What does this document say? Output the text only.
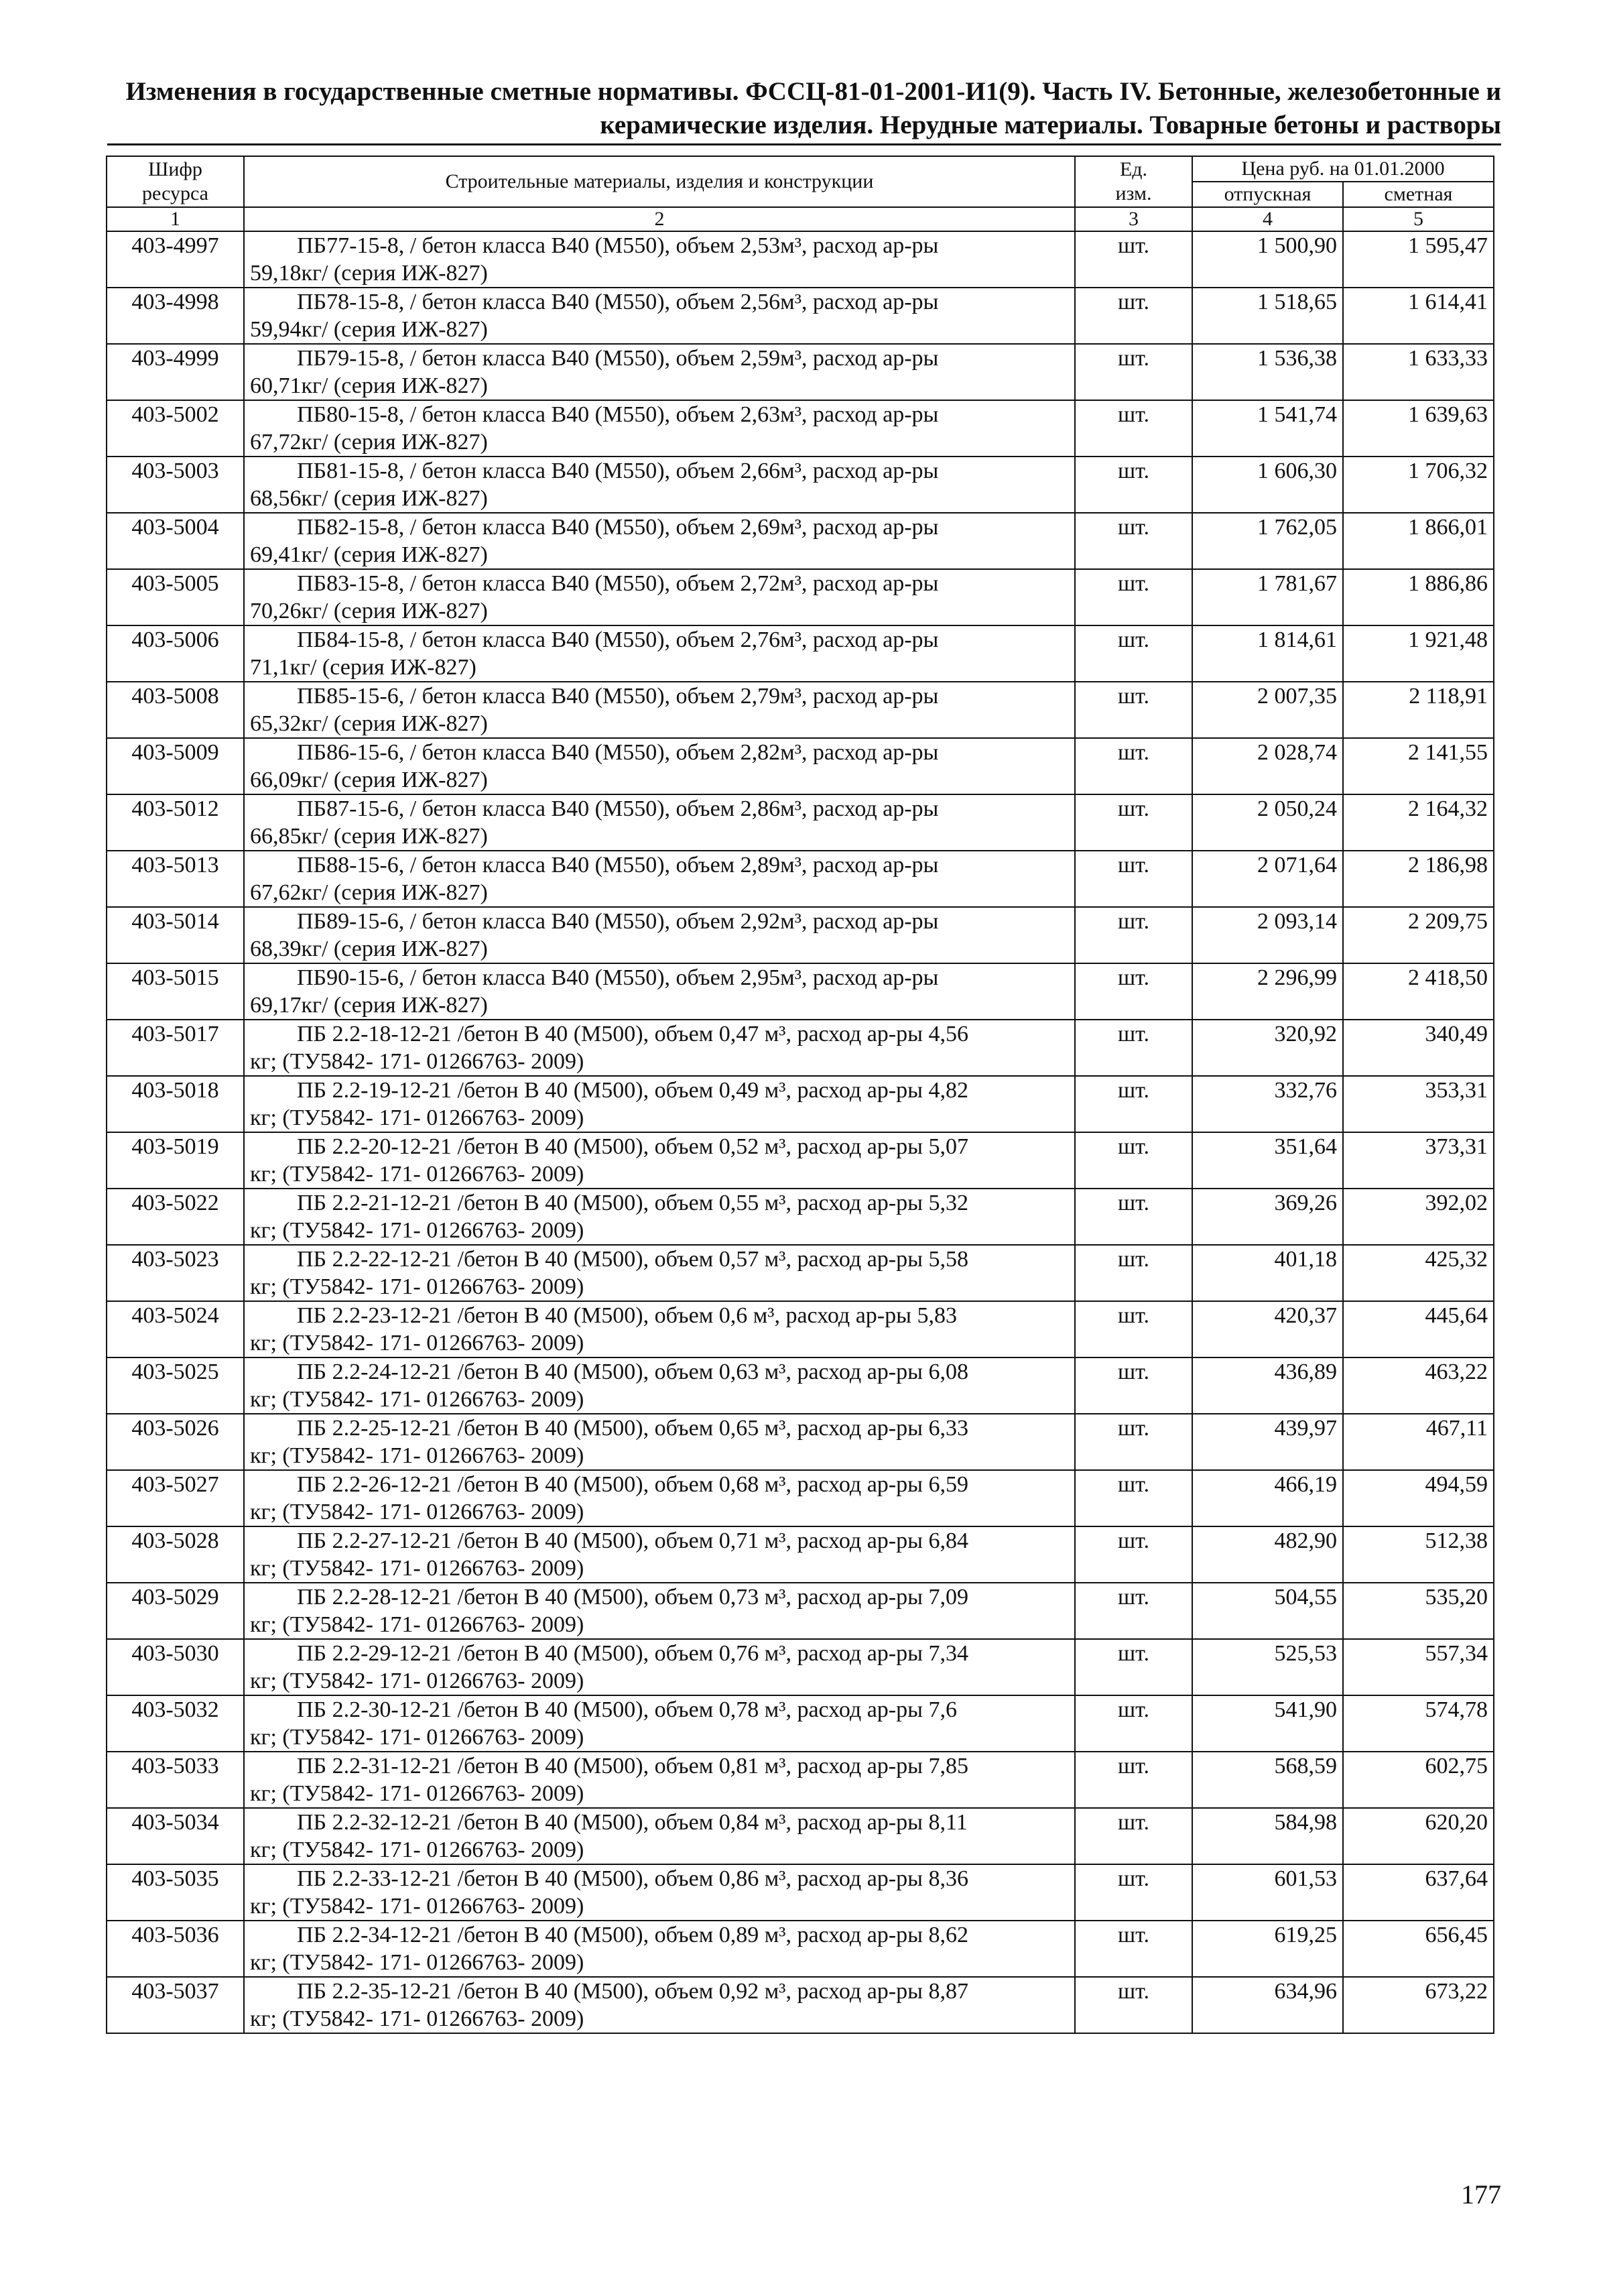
Изменения в государственные сметные нормативы. ФССЦ-81-01-2001-И1(9). Часть IV. Бетонные, железобетонные и
керамические изделия. Нерудные материалы. Товарные бетоны и растворы
Шифр
ресурса	Строительные материалы, изделия и конструкции	Ед.
изм.	Цена руб. на 01.01.2000	
			отпускная	сметная
1	2	3	4	5
403-4997	ПБ77-15-8, / бетон класса В40 (М550), объем 2,53м³, расход ар-ры
59,18кг/ (серия ИЖ-827)	шт.	1 500,90	1 595,47
403-4998	ПБ78-15-8, / бетон класса В40 (М550), объем 2,56м³, расход ар-ры
59,94кг/ (серия ИЖ-827)	шт.	1 518,65	1 614,41
403-4999	ПБ79-15-8, / бетон класса В40 (М550), объем 2,59м³, расход ар-ры
60,71кг/ (серия ИЖ-827)	шт.	1 536,38	1 633,33
403-5002	ПБ80-15-8, / бетон класса В40 (М550), объем 2,63м³, расход ар-ры
67,72кг/ (серия ИЖ-827)	шт.	1 541,74	1 639,63
403-5003	ПБ81-15-8, / бетон класса В40 (М550), объем 2,66м³, расход ар-ры
68,56кг/ (серия ИЖ-827)	шт.	1 606,30	1 706,32
403-5004	ПБ82-15-8, / бетон класса В40 (М550), объем 2,69м³, расход ар-ры
69,41кг/ (серия ИЖ-827)	шт.	1 762,05	1 866,01
403-5005	ПБ83-15-8, / бетон класса В40 (М550), объем 2,72м³, расход ар-ры
70,26кг/ (серия ИЖ-827)	шт.	1 781,67	1 886,86
403-5006	ПБ84-15-8, / бетон класса В40 (М550), объем 2,76м³, расход ар-ры
71,1кг/ (серия ИЖ-827)	шт.	1 814,61	1 921,48
403-5008	ПБ85-15-6, / бетон класса В40 (М550), объем 2,79м³, расход ар-ры
65,32кг/ (серия ИЖ-827)	шт.	2 007,35	2 118,91
403-5009	ПБ86-15-6, / бетон класса В40 (М550), объем 2,82м³, расход ар-ры
66,09кг/ (серия ИЖ-827)	шт.	2 028,74	2 141,55
403-5012	ПБ87-15-6, / бетон класса В40 (М550), объем 2,86м³, расход ар-ры
66,85кг/ (серия ИЖ-827)	шт.	2 050,24	2 164,32
403-5013	ПБ88-15-6, / бетон класса В40 (М550), объем 2,89м³, расход ар-ры
67,62кг/ (серия ИЖ-827)	шт.	2 071,64	2 186,98
403-5014	ПБ89-15-6, / бетон класса В40 (М550), объем 2,92м³, расход ар-ры
68,39кг/ (серия ИЖ-827)	шт.	2 093,14	2 209,75
403-5015	ПБ90-15-6, / бетон класса В40 (М550), объем 2,95м³, расход ар-ры
69,17кг/ (серия ИЖ-827)	шт.	2 296,99	2 418,50
403-5017	ПБ 2.2-18-12-21 /бетон В 40 (М500), объем 0,47 м³, расход ар-ры 4,56
кг; (ТУ5842- 171- 01266763- 2009)	шт.	320,92	340,49
403-5018	ПБ 2.2-19-12-21 /бетон В 40 (М500), объем 0,49 м³, расход ар-ры 4,82
кг; (ТУ5842- 171- 01266763- 2009)	шт.	332,76	353,31
403-5019	ПБ 2.2-20-12-21 /бетон В 40 (М500), объем 0,52 м³, расход ар-ры 5,07
кг; (ТУ5842- 171- 01266763- 2009)	шт.	351,64	373,31
403-5022	ПБ 2.2-21-12-21 /бетон В 40 (М500), объем 0,55 м³, расход ар-ры 5,32
кг; (ТУ5842- 171- 01266763- 2009)	шт.	369,26	392,02
403-5023	ПБ 2.2-22-12-21 /бетон В 40 (М500), объем 0,57 м³, расход ар-ры 5,58
кг; (ТУ5842- 171- 01266763- 2009)	шт.	401,18	425,32
403-5024	ПБ 2.2-23-12-21 /бетон В 40 (М500), объем 0,6 м³, расход ар-ры 5,83
кг; (ТУ5842- 171- 01266763- 2009)	шт.	420,37	445,64
403-5025	ПБ 2.2-24-12-21 /бетон В 40 (М500), объем 0,63 м³, расход ар-ры 6,08
кг; (ТУ5842- 171- 01266763- 2009)	шт.	436,89	463,22
403-5026	ПБ 2.2-25-12-21 /бетон В 40 (М500), объем 0,65 м³, расход ар-ры 6,33
кг; (ТУ5842- 171- 01266763- 2009)	шт.	439,97	467,11
403-5027	ПБ 2.2-26-12-21 /бетон В 40 (М500), объем 0,68 м³, расход ар-ры 6,59
кг; (ТУ5842- 171- 01266763- 2009)	шт.	466,19	494,59
403-5028	ПБ 2.2-27-12-21 /бетон В 40 (М500), объем 0,71 м³, расход ар-ры 6,84
кг; (ТУ5842- 171- 01266763- 2009)	шт.	482,90	512,38
403-5029	ПБ 2.2-28-12-21 /бетон В 40 (М500), объем 0,73 м³, расход ар-ры 7,09
кг; (ТУ5842- 171- 01266763- 2009)	шт.	504,55	535,20
403-5030	ПБ 2.2-29-12-21 /бетон В 40 (М500), объем 0,76 м³, расход ар-ры 7,34
кг; (ТУ5842- 171- 01266763- 2009)	шт.	525,53	557,34
403-5032	ПБ 2.2-30-12-21 /бетон В 40 (М500), объем 0,78 м³, расход ар-ры 7,6
кг; (ТУ5842- 171- 01266763- 2009)	шт.	541,90	574,78
403-5033	ПБ 2.2-31-12-21 /бетон В 40 (М500), объем 0,81 м³, расход ар-ры 7,85
кг; (ТУ5842- 171- 01266763- 2009)	шт.	568,59	602,75
403-5034	ПБ 2.2-32-12-21 /бетон В 40 (М500), объем 0,84 м³, расход ар-ры 8,11
кг; (ТУ5842- 171- 01266763- 2009)	шт.	584,98	620,20
403-5035	ПБ 2.2-33-12-21 /бетон В 40 (М500), объем 0,86 м³, расход ар-ры 8,36
кг; (ТУ5842- 171- 01266763- 2009)	шт.	601,53	637,64
403-5036	ПБ 2.2-34-12-21 /бетон В 40 (М500), объем 0,89 м³, расход ар-ры 8,62
кг; (ТУ5842- 171- 01266763- 2009)	шт.	619,25	656,45
403-5037	ПБ 2.2-35-12-21 /бетон В 40 (М500), объем 0,92 м³, расход ар-ры 8,87
кг; (ТУ5842- 171- 01266763- 2009)	шт.	634,96	673,22
177
